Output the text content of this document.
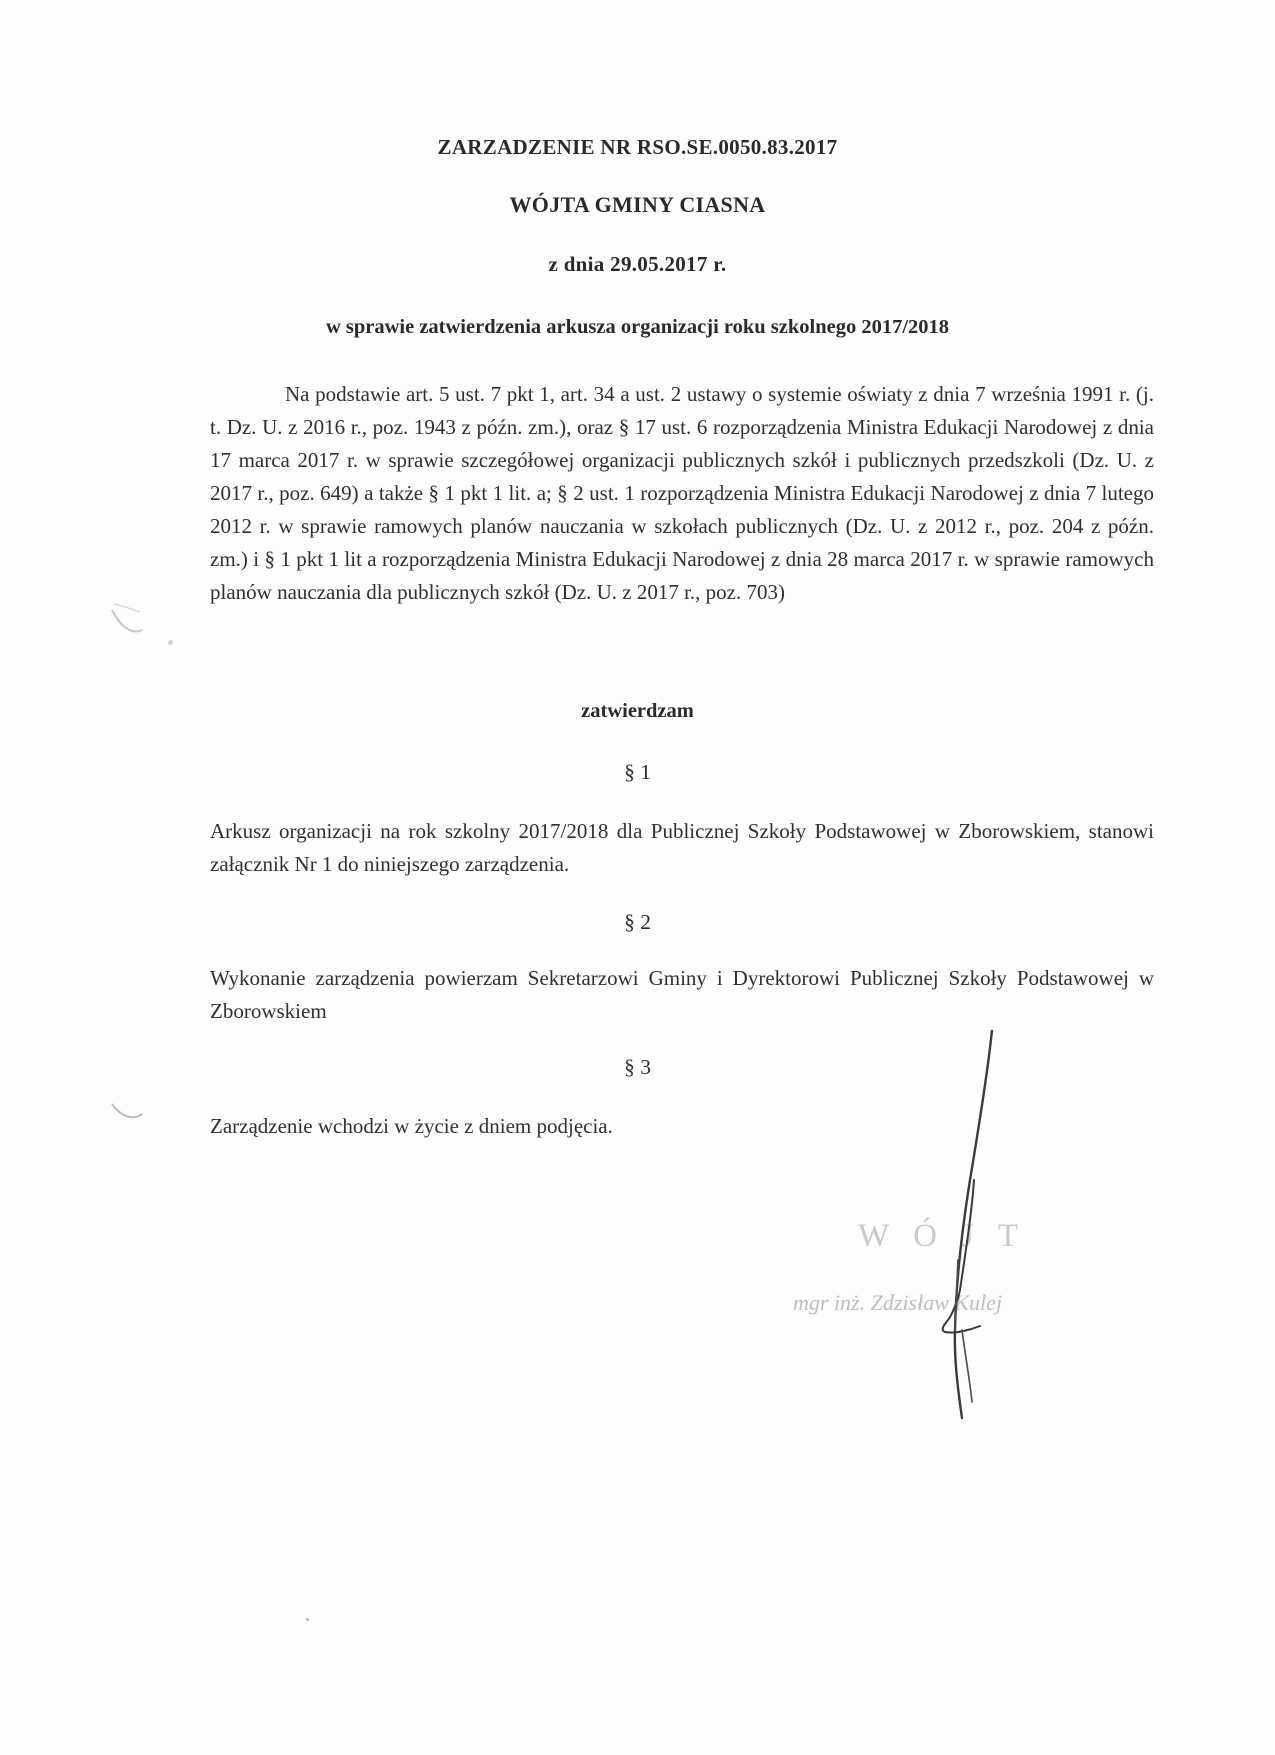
ZARZADZENIE NR RSO.SE.0050.83.2017
WÓJTA GMINY CIASNA
z dnia 29.05.2017 r.
w sprawie zatwierdzenia arkusza organizacji roku szkolnego 2017/2018
Na podstawie art. 5 ust. 7 pkt 1, art. 34 a ust. 2 ustawy o systemie oświaty z dnia 7 września 1991 r. (j. t. Dz. U. z 2016 r., poz. 1943 z późn. zm.), oraz § 17 ust. 6 rozporządzenia Ministra Edukacji Narodowej z dnia 17 marca 2017 r. w sprawie szczegółowej organizacji publicznych szkół i publicznych przedszkoli (Dz. U. z 2017 r., poz. 649) a także § 1 pkt 1 lit. a; § 2 ust. 1 rozporządzenia Ministra Edukacji Narodowej z dnia 7 lutego 2012 r. w sprawie ramowych planów nauczania w szkołach publicznych (Dz. U. z 2012 r., poz. 204 z późn. zm.) i § 1 pkt 1 lit a rozporządzenia Ministra Edukacji Narodowej z dnia 28 marca 2017 r. w sprawie ramowych planów nauczania dla publicznych szkół (Dz. U. z 2017 r., poz. 703)
zatwierdzam
§ 1
Arkusz organizacji na rok szkolny 2017/2018 dla Publicznej Szkoły Podstawowej w Zborowskiem, stanowi załącznik Nr 1 do niniejszego zarządzenia.
§ 2
Wykonanie zarządzenia powierzam Sekretarzowi Gminy i Dyrektorowi Publicznej Szkoły Podstawowej w Zborowskiem
§ 3
Zarządzenie wchodzi w życie z dniem podjęcia.
WÓJT
mgr inż. Zdzisław Kulej
